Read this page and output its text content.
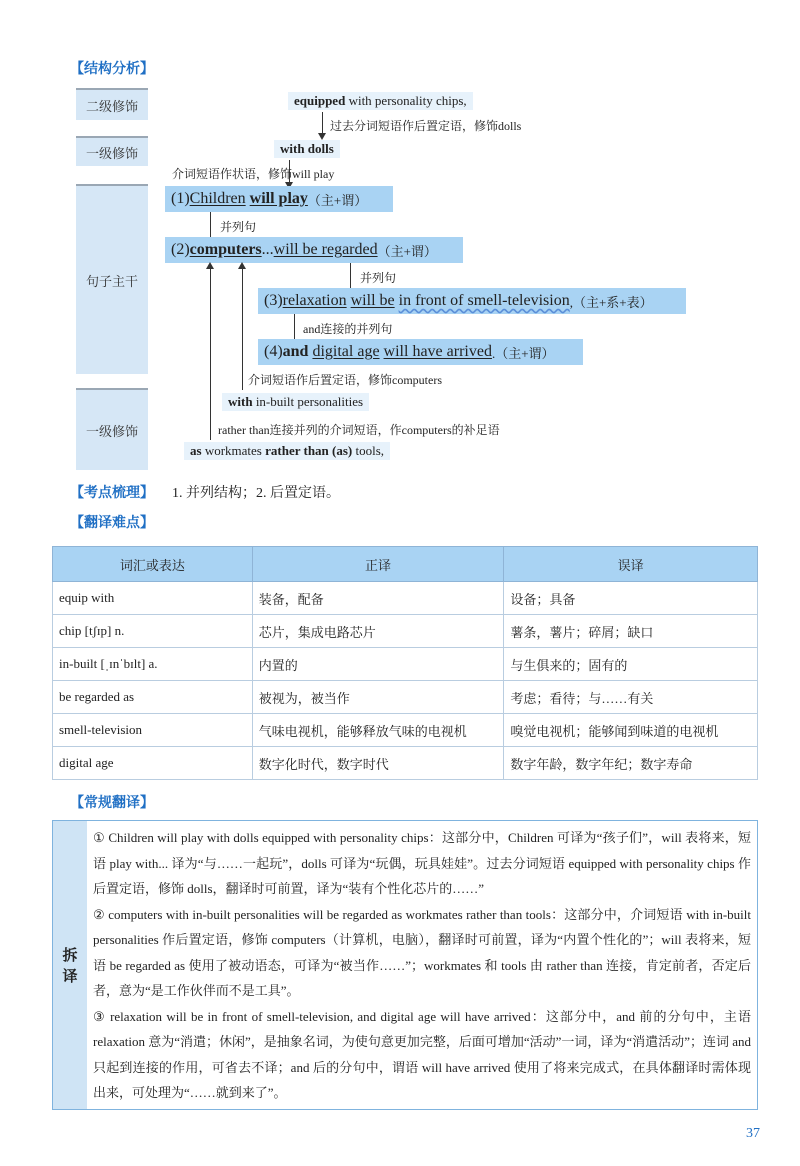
【结构分析】
二级修饰
一级修饰
句子主干
一级修饰
equipped with personality chips,
过去分词短语作后置定语，修饰dolls
with dolls
介词短语作状语，修饰will play
(1) Children
will play （主+谓）
并列句
(2) computers ... will be regarded （主+谓）
并列句
(3) relaxation
will be
in front of smell-television ,（主+系+表）
and连接的并列句
(4) and
digital age
will have arrived .（主+谓）
介词短语作后置定语，修饰computers
with in-built personalities
rather than连接并列的介词短语，作computers的补足语
as workmates rather than (as) tools,
【考点梳理】 1. 并列结构；2. 后置定语。
【翻译难点】
词汇或表达	正译	误译
equip with	装备，配备	设备；具备
chip [tʃɪp] n.	芯片，集成电路芯片	薯条，薯片；碎屑；缺口
in-built [ˌɪnˈbɪlt] a.	内置的	与生俱来的；固有的
be regarded as	被视为，被当作	考虑；看待；与……有关
smell-television	气味电视机，能够释放气味的电视机	嗅觉电视机；能够闻到味道的电视机
digital age	数字化时代，数字时代	数字年龄，数字年纪；数字寿命
【常规翻译】
拆
译

① Children will play with dolls equipped with personality chips：这部分中，Children 可译为“孩子们”，will 表将来，短语 play with... 译为“与……一起玩”，dolls 可译为“玩偶，玩具娃娃”。过去分词短语 equipped with personality chips 作后置定语，修饰 dolls，翻译时可前置，译为“装有个性化芯片的……”

② computers with in-built personalities will be regarded as workmates rather than tools：这部分中，介词短语 with in-built personalities 作后置定语，修饰 computers（计算机，电脑），翻译时可前置，译为“内置个性化的”；will 表将来，短语 be regarded as 使用了被动语态，可译为“被当作……”；workmates 和 tools 由 rather than 连接，肯定前者，否定后者，意为“是工作伙伴而不是工具”。

③ relaxation will be in front of smell-television, and digital age will have arrived：这部分中，and 前的分句中，主语 relaxation 意为“消遣；休闲”，是抽象名词，为使句意更加完整，后面可增加“活动”一词，译为“消遣活动”；连词 and 只起到连接的作用，可省去不译；and 后的分句中，谓语 will have arrived 使用了将来完成式，在具体翻译时需体现出来，可处理为“……就到来了”。

37
